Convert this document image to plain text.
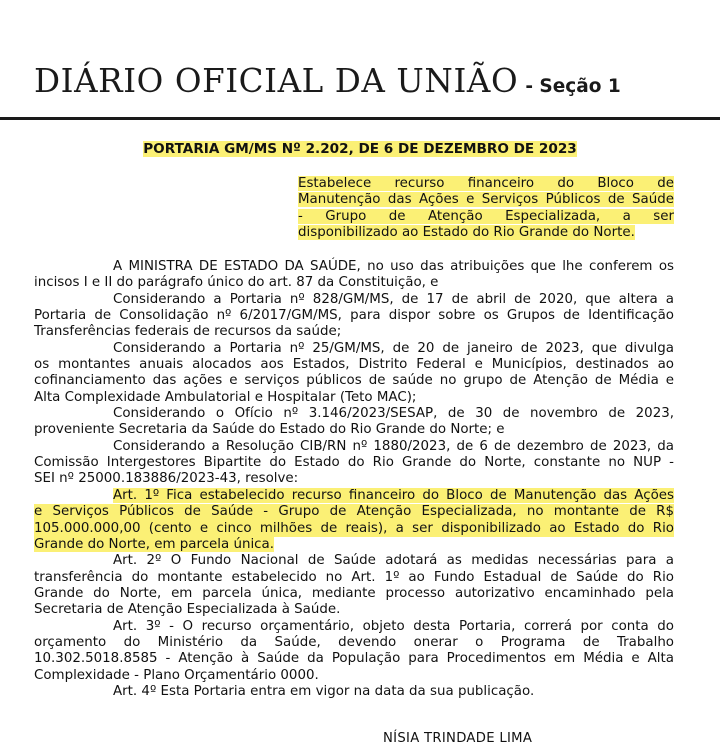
DIÁRIO OFICIAL DA UNIÃO - Seção 1
PORTARIA GM/MS Nº 2.202, DE 6 DE DEZEMBRO DE 2023
Estabelece recurso financeiro do Bloco de
Manutenção das Ações e Serviços Públicos de Saúde
- Grupo de Atenção Especializada, a ser
disponibilizado ao Estado do Rio Grande do Norte.
A MINISTRA DE ESTADO DA SAÚDE, no uso das atribuições que lhe conferem os
incisos I e II do parágrafo único do art. 87 da Constituição, e
Considerando a Portaria nº 828/GM/MS, de 17 de abril de 2020, que altera a
Portaria de Consolidação nº 6/2017/GM/MS, para dispor sobre os Grupos de Identificação
Transferências federais de recursos da saúde;
Considerando a Portaria nº 25/GM/MS, de 20 de janeiro de 2023, que divulga
os montantes anuais alocados aos Estados, Distrito Federal e Municípios, destinados ao
cofinanciamento das ações e serviços públicos de saúde no grupo de Atenção de Média e
Alta Complexidade Ambulatorial e Hospitalar (Teto MAC);
Considerando o Ofício nº 3.146/2023/SESAP, de 30 de novembro de 2023,
proveniente Secretaria da Saúde do Estado do Rio Grande do Norte; e
Considerando a Resolução CIB/RN nº 1880/2023, de 6 de dezembro de 2023, da
Comissão Intergestores Bipartite do Estado do Rio Grande do Norte, constante no NUP -
SEI nº 25000.183886/2023-43, resolve:
Art. 1º Fica estabelecido recurso financeiro do Bloco de Manutenção das Ações
e Serviços Públicos de Saúde - Grupo de Atenção Especializada, no montante de R$
105.000.000,00 (cento e cinco milhões de reais), a ser disponibilizado ao Estado do Rio
Grande do Norte, em parcela única.
Art. 2º O Fundo Nacional de Saúde adotará as medidas necessárias para a
transferência do montante estabelecido no Art. 1º ao Fundo Estadual de Saúde do Rio
Grande do Norte, em parcela única, mediante processo autorizativo encaminhado pela
Secretaria de Atenção Especializada à Saúde.
Art. 3º - O recurso orçamentário, objeto desta Portaria, correrá por conta do
orçamento do Ministério da Saúde, devendo onerar o Programa de Trabalho
10.302.5018.8585 - Atenção à Saúde da População para Procedimentos em Média e Alta
Complexidade - Plano Orçamentário 0000.
Art. 4º Esta Portaria entra em vigor na data da sua publicação.
NÍSIA TRINDADE LIMA
